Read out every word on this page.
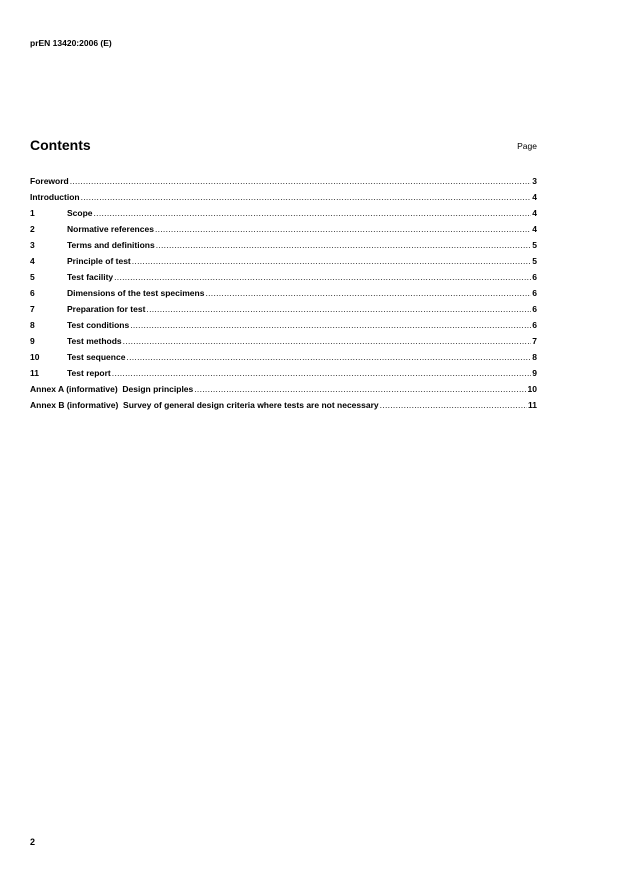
prEN 13420:2006 (E)
Contents	Page
Foreword .....	3
Introduction .....	4
1	Scope .....	4
2	Normative references .....	4
3	Terms and definitions .....	5
4	Principle of test .....	5
5	Test facility .....	6
6	Dimensions of the test specimens .....	6
7	Preparation for test .....	6
8	Test conditions .....	6
9	Test methods .....	7
10	Test sequence .....	8
11	Test report .....	9
Annex A (informative)  Design principles .....	10
Annex B (informative)  Survey of general design criteria where tests are not necessary .....	11
2
